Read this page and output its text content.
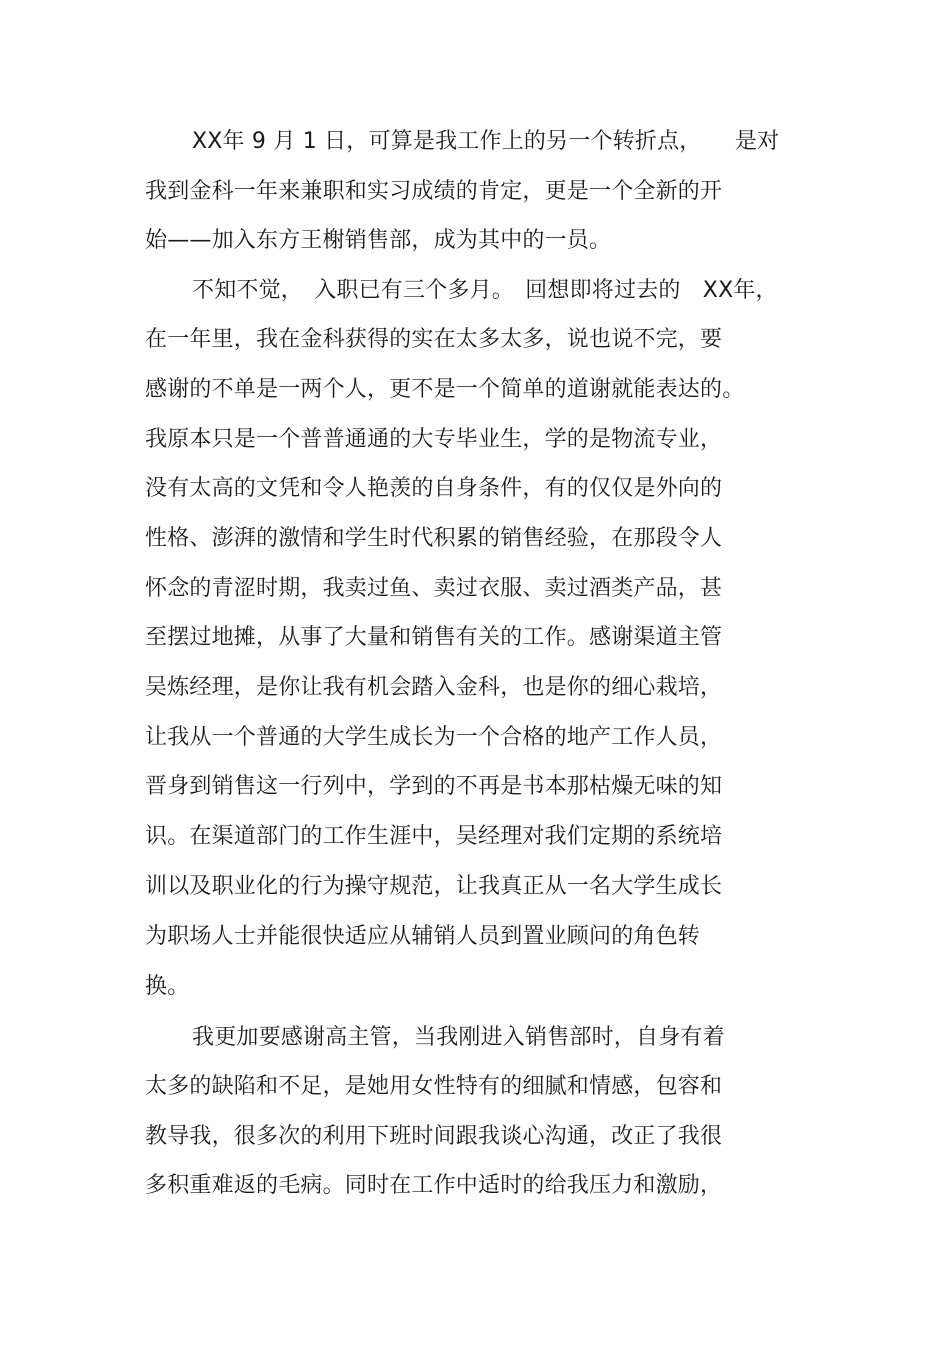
XX年 9 月 1 日，可算是我工作上的另一个转折点，　　是对
我到金科一年来兼职和实习成绩的肯定，更是一个全新的开
始——加入东方王榭销售部，成为其中的一员。
不知不觉，　入职已有三个多月。　回想即将过去的　XX年，
在一年里，我在金科获得的实在太多太多，说也说不完，要
感谢的不单是一两个人，更不是一个简单的道谢就能表达的。
我原本只是一个普普通通的大专毕业生，学的是物流专业，
没有太高的文凭和令人艳羡的自身条件，有的仅仅是外向的
性格、澎湃的激情和学生时代积累的销售经验，在那段令人
怀念的青涩时期，我卖过鱼、卖过衣服、卖过酒类产品，甚
至摆过地摊，从事了大量和销售有关的工作。感谢渠道主管
吴炼经理，是你让我有机会踏入金科，也是你的细心栽培，
让我从一个普通的大学生成长为一个合格的地产工作人员，
晋身到销售这一行列中，学到的不再是书本那枯燥无味的知
识。在渠道部门的工作生涯中，吴经理对我们定期的系统培
训以及职业化的行为操守规范，让我真正从一名大学生成长
为职场人士并能很快适应从辅销人员到置业顾问的角色转
换。
我更加要感谢高主管，当我刚进入销售部时，自身有着
太多的缺陷和不足，是她用女性特有的细腻和情感，包容和
教导我，很多次的利用下班时间跟我谈心沟通，改正了我很
多积重难返的毛病。同时在工作中适时的给我压力和激励，
